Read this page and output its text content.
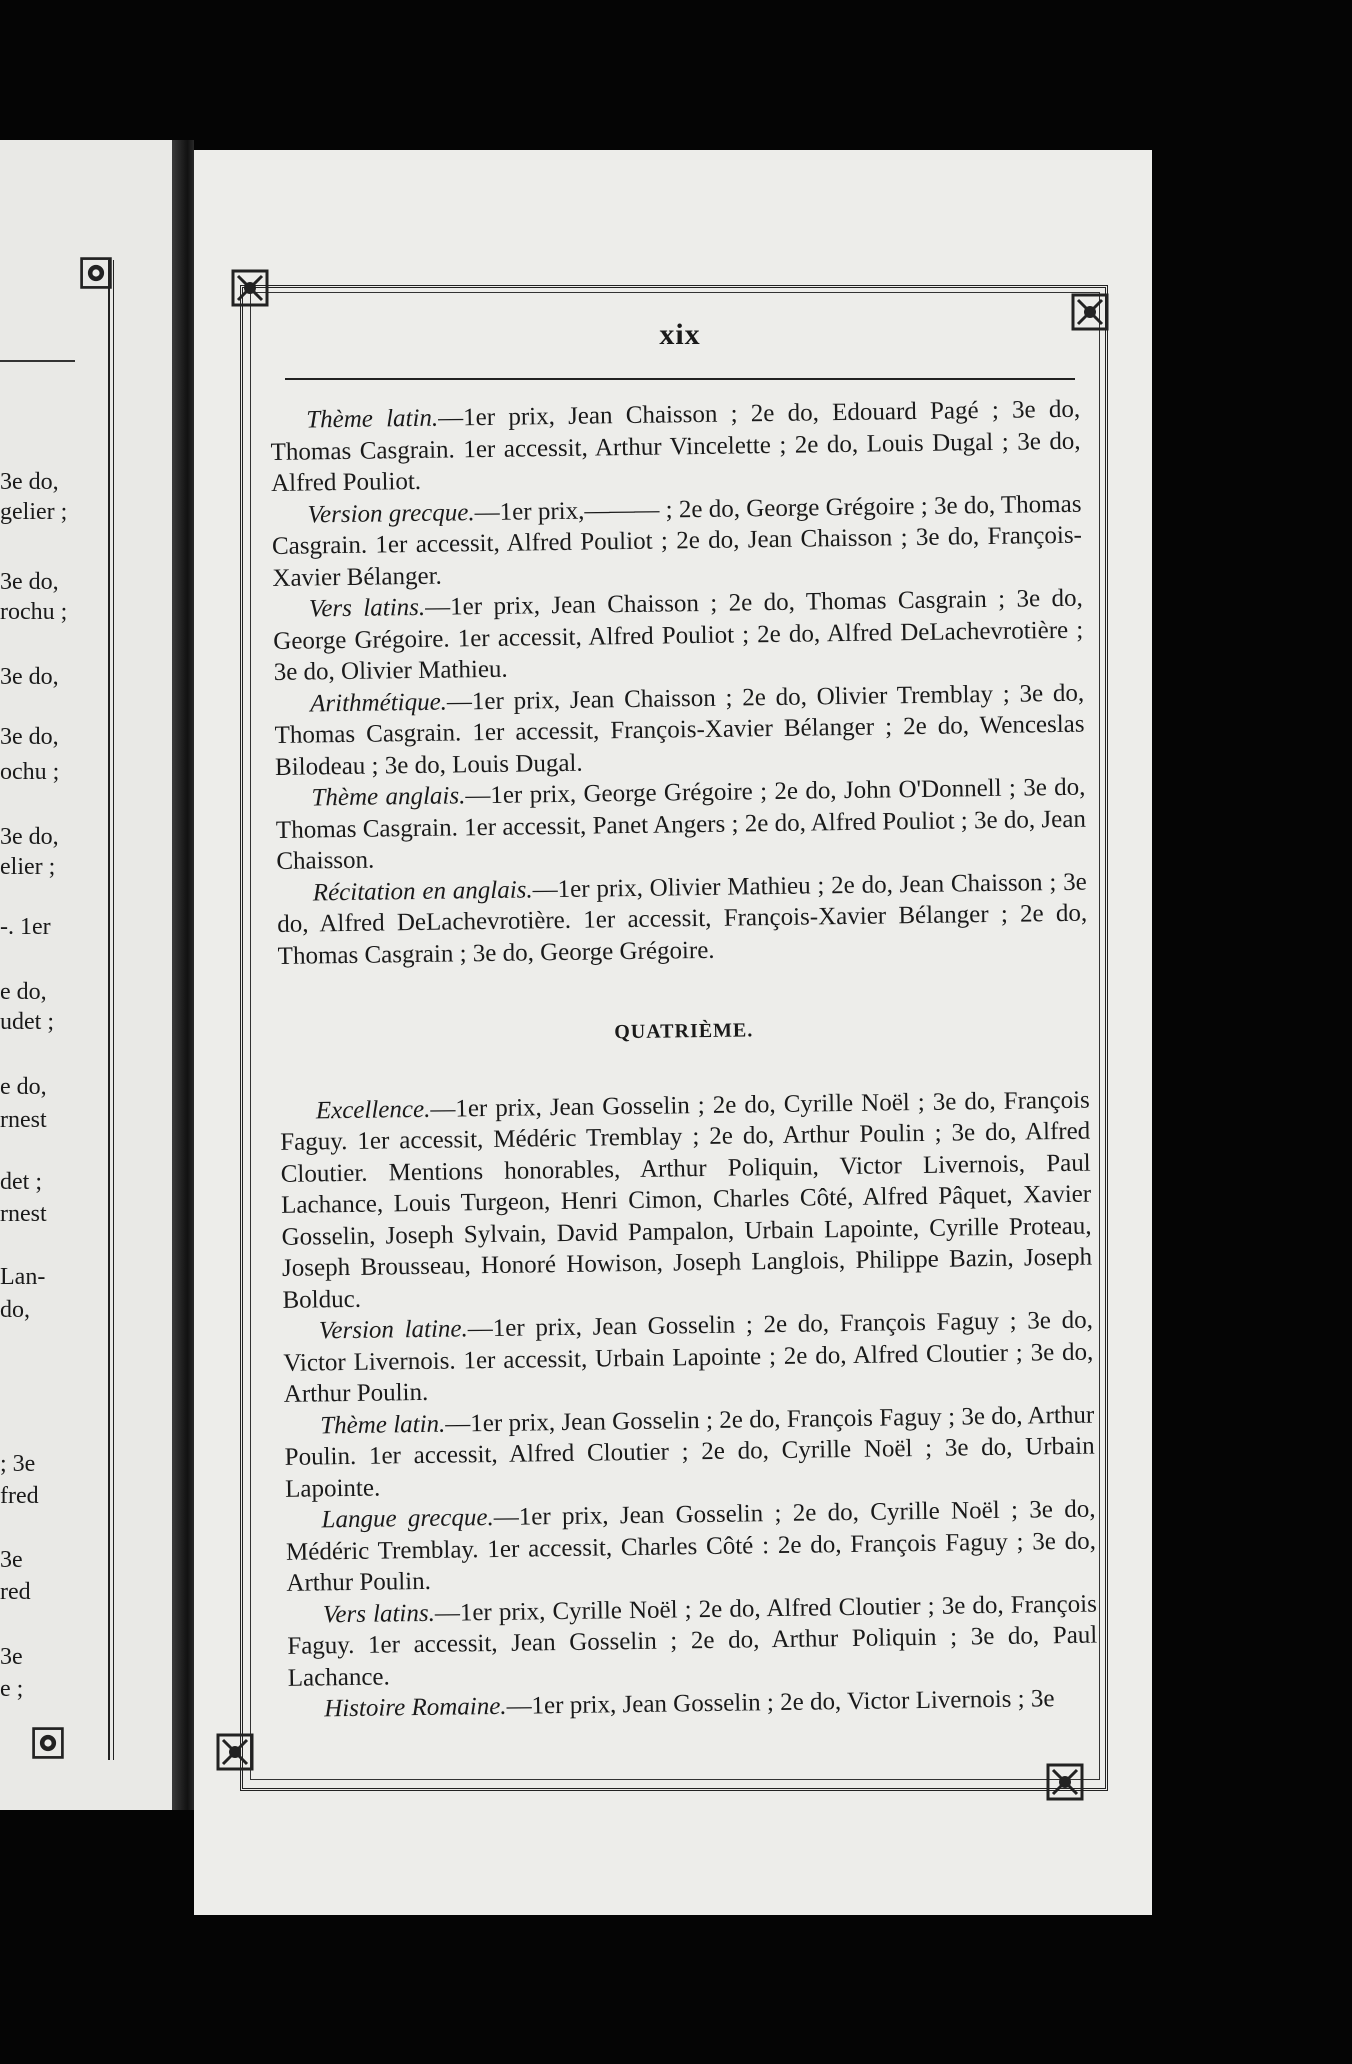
3e do,
gelier ;
3e do,
rochu ;
3e do,
3e do,
ochu ;
3e do,
elier ;
-. 1er
e do,
udet ;
e do,
rnest
det ;
rnest
Lan-
do,
; 3e
fred
3e
red
3e
e ;
xix

Thème latin.—1er prix, Jean Chaisson ; 2e do, Edouard Pagé ; 3e do, Thomas Casgrain. 1er accessit, Arthur Vincelette ; 2e do, Louis Dugal ; 3e do, Alfred Pouliot.

Version grecque.—1er prix,——— ; 2e do, George Grégoire ; 3e do, Thomas Casgrain. 1er accessit, Alfred Pouliot ; 2e do, Jean Chaisson ; 3e do, François-Xavier Bélanger.

Vers latins.—1er prix, Jean Chaisson ; 2e do, Thomas Casgrain ; 3e do, George Grégoire. 1er accessit, Alfred Pouliot ; 2e do, Alfred DeLachevrotière ; 3e do, Olivier Mathieu.

Arithmétique.—1er prix, Jean Chaisson ; 2e do, Olivier Tremblay ; 3e do, Thomas Casgrain. 1er accessit, François-Xavier Bélanger ; 2e do, Wenceslas Bilodeau ; 3e do, Louis Dugal.

Thème anglais.—1er prix, George Grégoire ; 2e do, John O'Donnell ; 3e do, Thomas Casgrain. 1er accessit, Panet Angers ; 2e do, Alfred Pouliot ; 3e do, Jean Chaisson.

Récitation en anglais.—1er prix, Olivier Mathieu ; 2e do, Jean Chaisson ; 3e do, Alfred DeLachevrotière. 1er accessit, François-Xavier Bélanger ; 2e do, Thomas Casgrain ; 3e do, George Grégoire.

QUATRIÈME.

Excellence.—1er prix, Jean Gosselin ; 2e do, Cyrille Noël ; 3e do, François Faguy. 1er accessit, Médéric Tremblay ; 2e do, Arthur Poulin ; 3e do, Alfred Cloutier. Mentions honorables, Arthur Poliquin, Victor Livernois, Paul Lachance, Louis Turgeon, Henri Cimon, Charles Côté, Alfred Pâquet, Xavier Gosselin, Joseph Sylvain, David Pampalon, Urbain Lapointe, Cyrille Proteau, Joseph Brousseau, Honoré Howison, Joseph Langlois, Philippe Bazin, Joseph Bolduc.

Version latine.—1er prix, Jean Gosselin ; 2e do, François Faguy ; 3e do, Victor Livernois. 1er accessit, Urbain Lapointe ; 2e do, Alfred Cloutier ; 3e do, Arthur Poulin.

Thème latin.—1er prix, Jean Gosselin ; 2e do, François Faguy ; 3e do, Arthur Poulin. 1er accessit, Alfred Cloutier ; 2e do, Cyrille Noël ; 3e do, Urbain Lapointe.

Langue grecque.—1er prix, Jean Gosselin ; 2e do, Cyrille Noël ; 3e do, Médéric Tremblay. 1er accessit, Charles Côté : 2e do, François Faguy ; 3e do, Arthur Poulin.

Vers latins.—1er prix, Cyrille Noël ; 2e do, Alfred Cloutier ; 3e do, François Faguy. 1er accessit, Jean Gosselin ; 2e do, Arthur Poliquin ; 3e do, Paul Lachance.

Histoire Romaine.—1er prix, Jean Gosselin ; 2e do, Victor Livernois ; 3e
